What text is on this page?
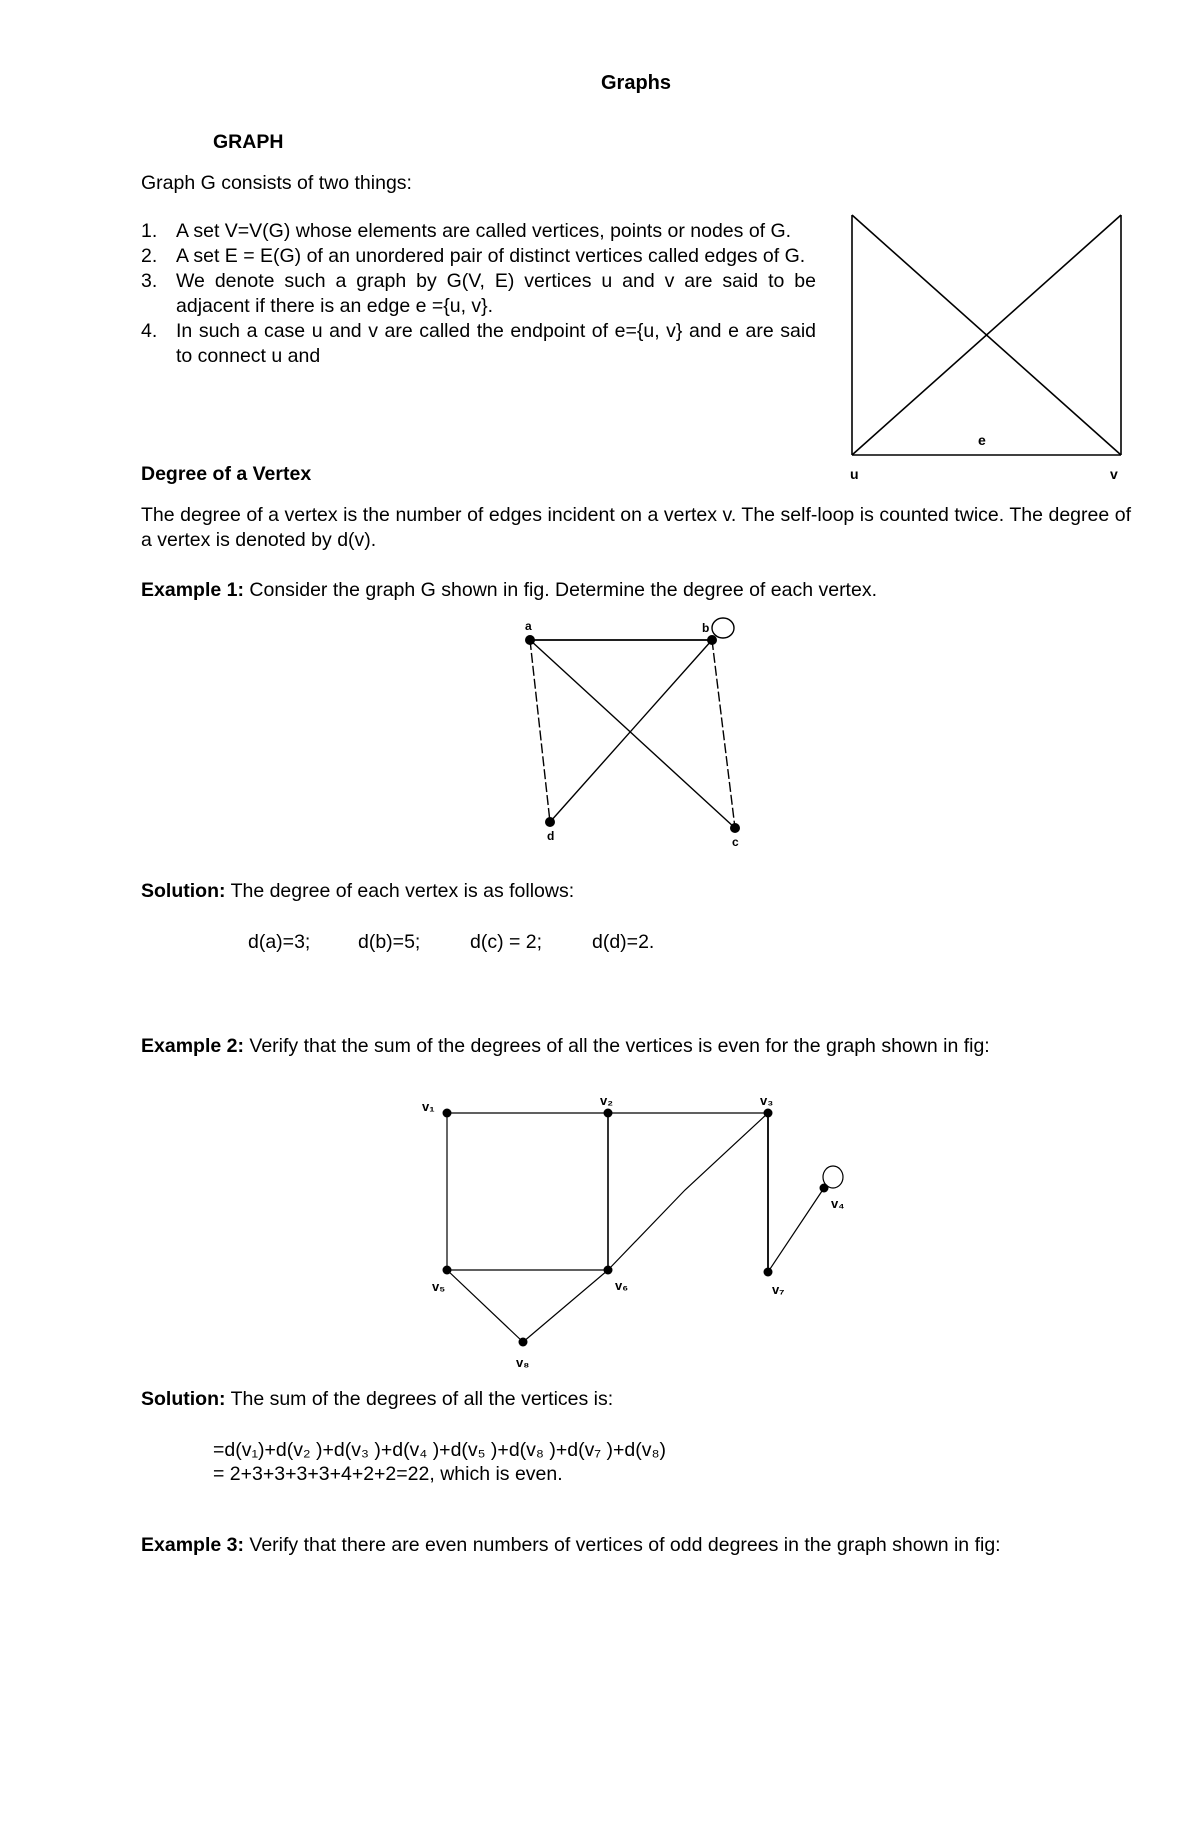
Graphs
GRAPH
Graph G consists of two things:
1. A set V=V(G) whose elements are called vertices, points or nodes of G.
2. A set E = E(G) of an unordered pair of distinct vertices called edges of G.
3. We denote such a graph by G(V, E) vertices u and v are said to be adjacent if there is an edge e ={u, v}.
4. In such a case u and v are called the endpoint of e={u, v} and e are said to connect u and
e
u	v
Degree of a Vertex
The degree of a vertex is the number of edges incident on a vertex v. The self-loop is counted twice. The degree of a vertex is denoted by d(v).
Example 1: Consider the graph G shown in fig. Determine the degree of each vertex.
a	b
c
d
Solution: The degree of each vertex is as follows:
d(a)=3; d(b)=5;	d(c) = 2;	d(d)=2.
Example 2: Verify that the sum of the degrees of all the vertices is even for the graph shown in fig:
v₁	v₂	v₃
v₄
v₅	v₆	v₇
v₈
Solution: The sum of the degrees of all the vertices is:
=d(v₁)+d(v₂ )+d(v₃ )+d(v₄ )+d(v₅ )+d(v₈ )+d(v₇ )+d(v₈)
= 2+3+3+3+3+4+2+2=22, which is even.
Example 3: Verify that there are even numbers of vertices of odd degrees in the graph shown in fig:
